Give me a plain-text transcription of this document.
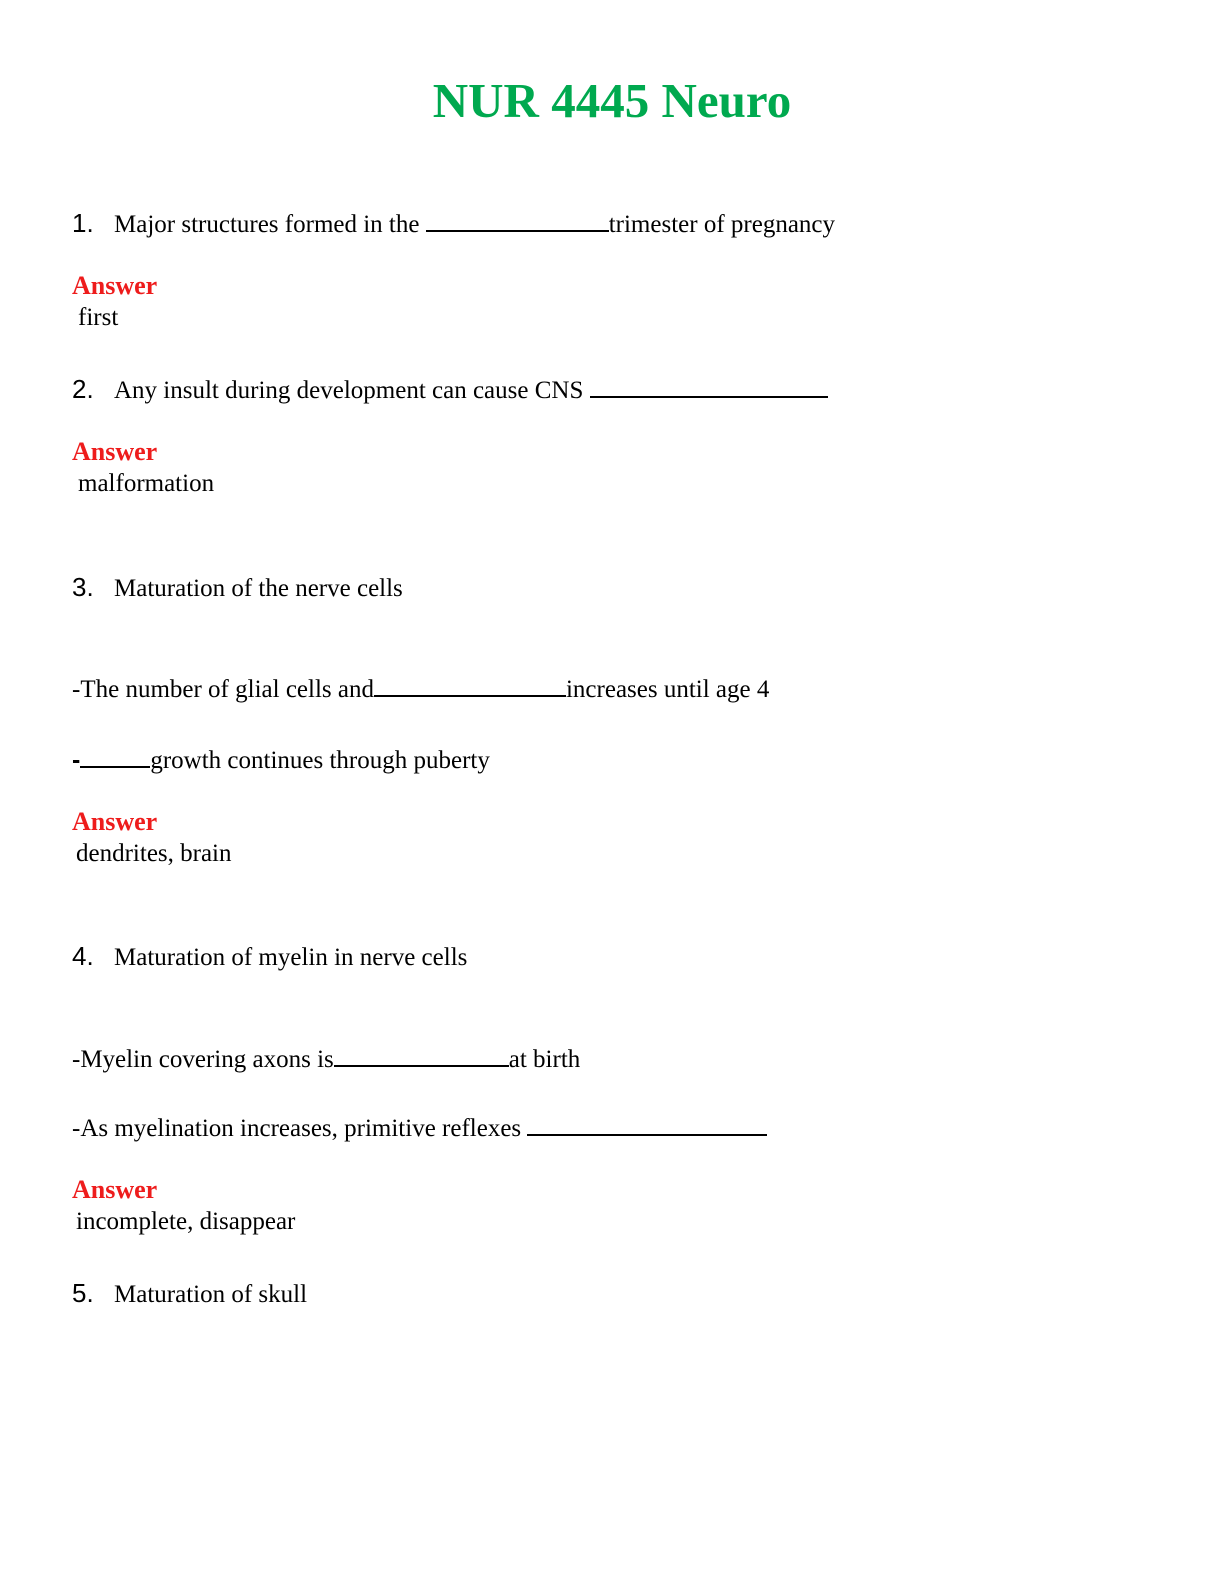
NUR 4445 Neuro
1. Major structures formed in the	trimester of pregnancy
Answer
first
2. Any insult during development can cause CNS
Answer
malformation
3. Maturation of the nerve cells
-The number of glial cells and	increases until age 4
-	growth continues through puberty
Answer
dendrites, brain
4. Maturation of myelin in nerve cells
-Myelin covering axons is	at birth
-As myelination increases, primitive reflexes
Answer
incomplete, disappear
5. Maturation of skull
